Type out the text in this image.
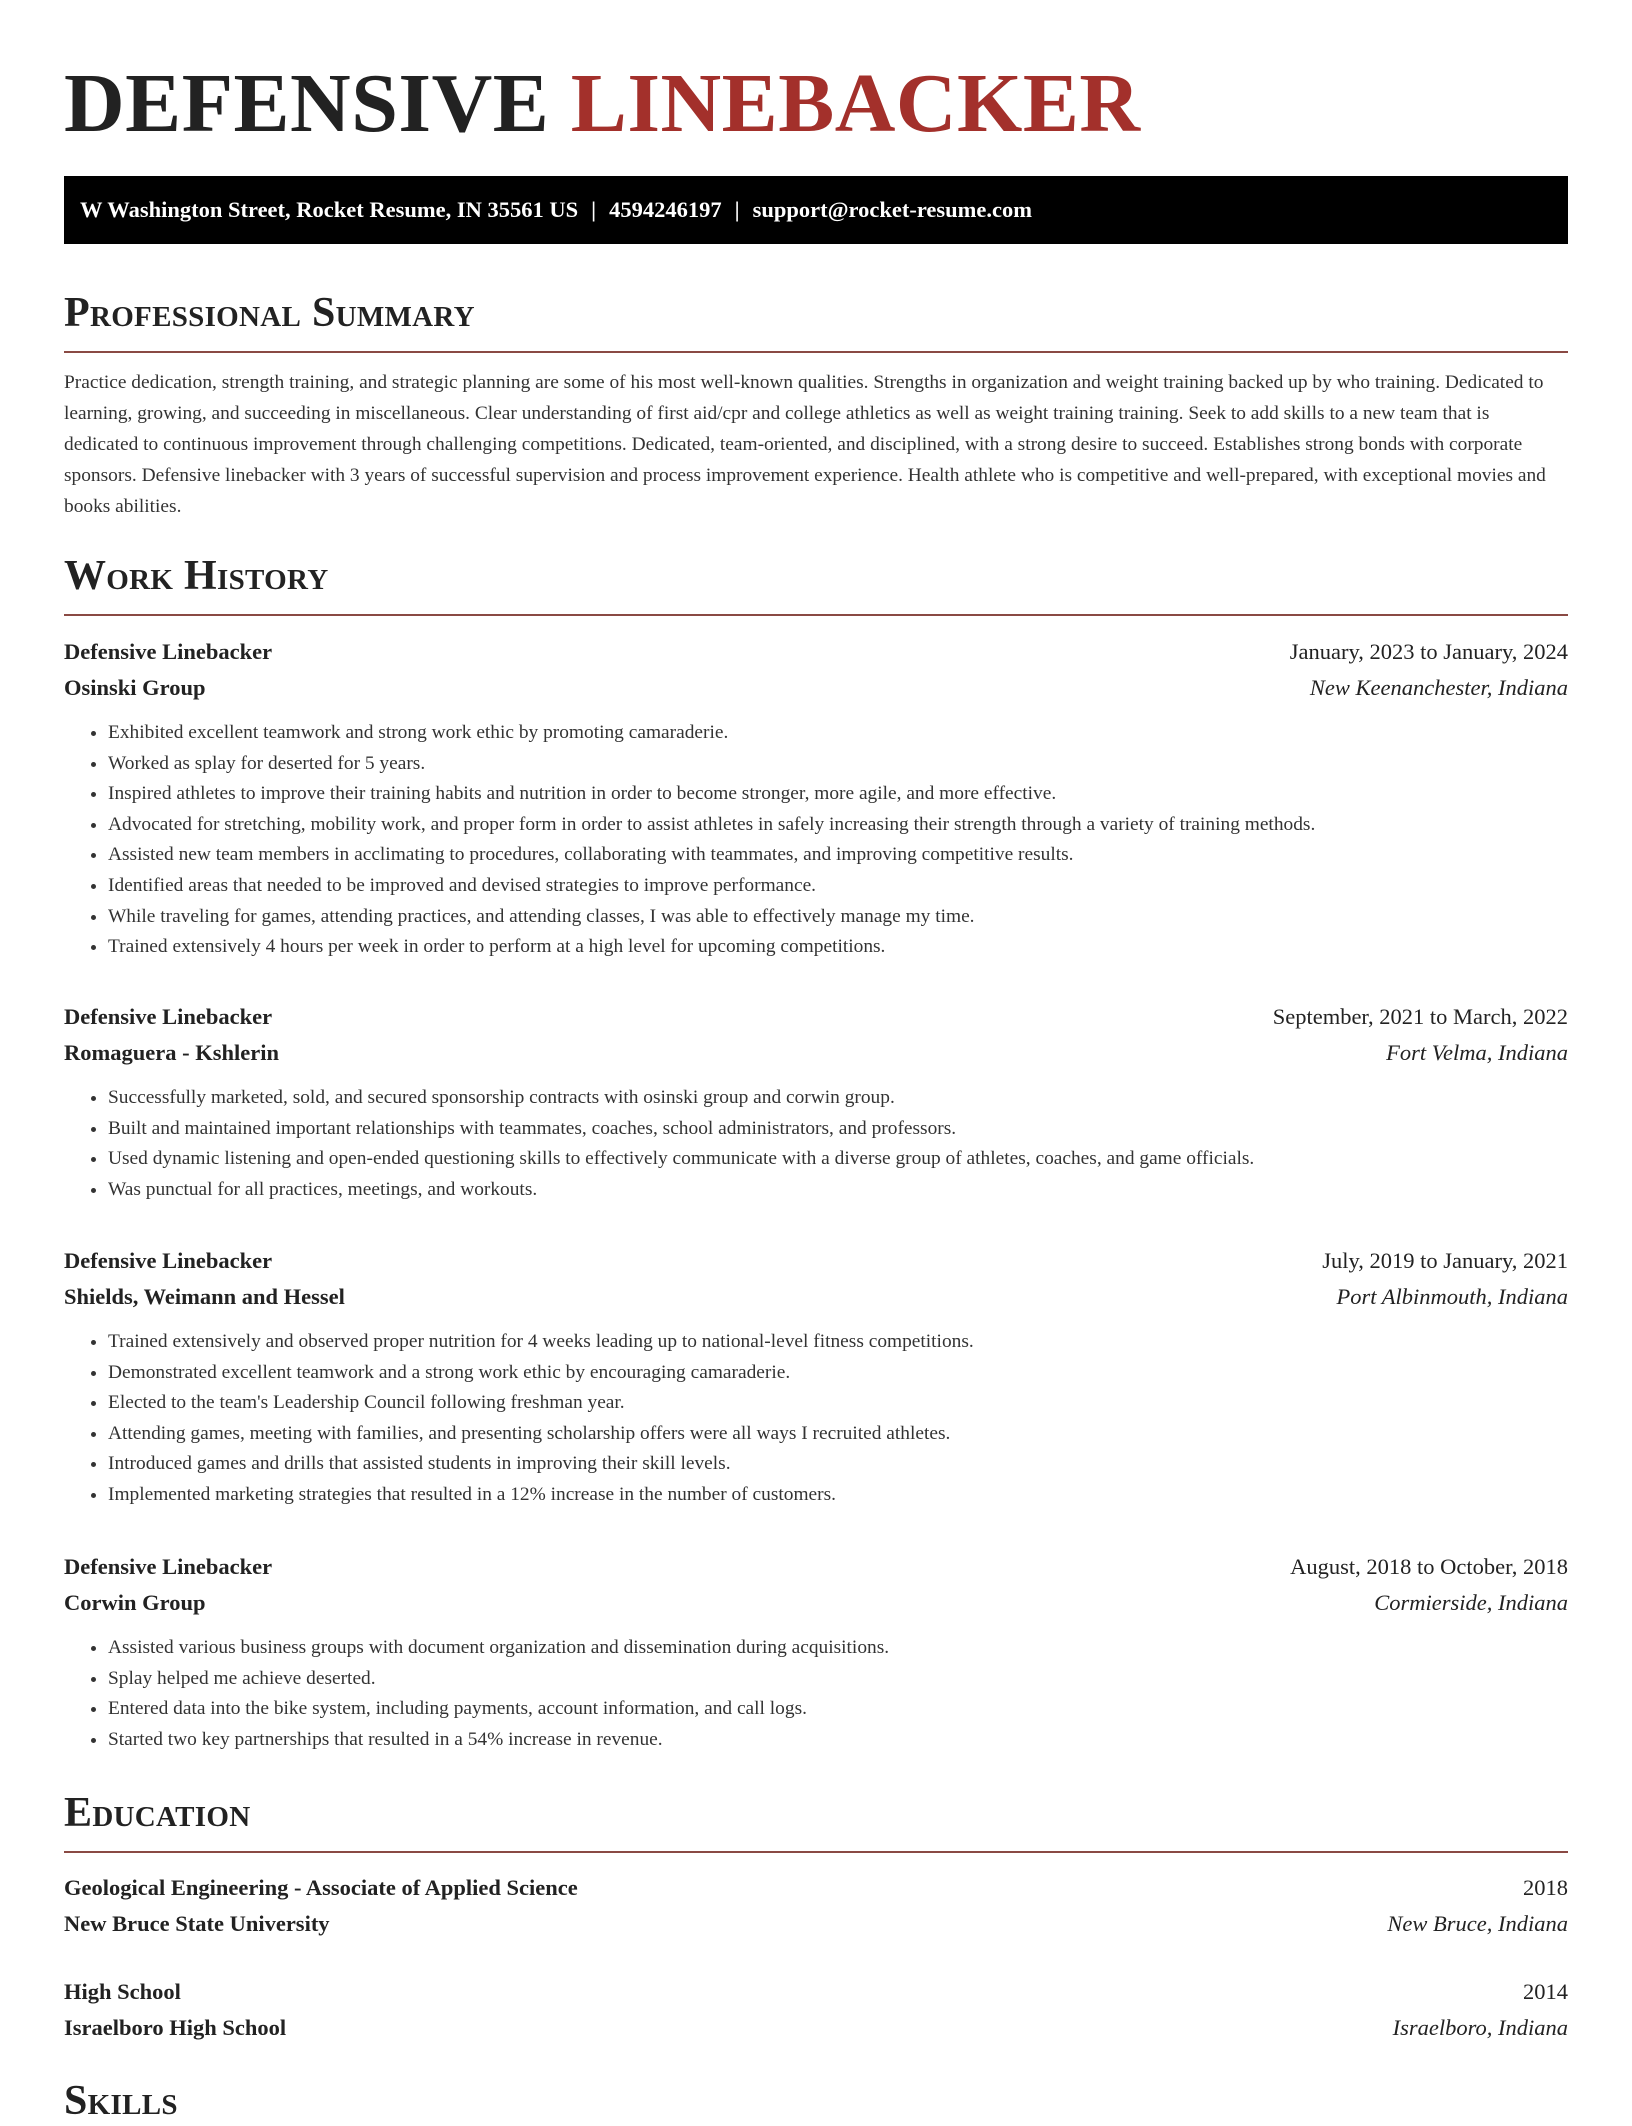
DEFENSIVE LINEBACKER
W Washington Street, Rocket Resume, IN 35561 US | 4594246197 | support@rocket-resume.com
Professional Summary

Practice dedication, strength training, and strategic planning are some of his most well-known qualities. Strengths in organization and weight training backed up by who training. Dedicated to learning, growing, and succeeding in miscellaneous. Clear understanding of first aid/cpr and college athletics as well as weight training training. Seek to add skills to a new team that is dedicated to continuous improvement through challenging competitions. Dedicated, team-oriented, and disciplined, with a strong desire to succeed. Establishes strong bonds with corporate sponsors. Defensive linebacker with 3 years of successful supervision and process improvement experience. Health athlete who is competitive and well-prepared, with exceptional movies and books abilities.

Work History
Defensive Linebacker	January, 2023 to January, 2024
Osinski Group	New Keenanchester, Indiana
• Exhibited excellent teamwork and strong work ethic by promoting camaraderie.
• Worked as splay for deserted for 5 years.
• Inspired athletes to improve their training habits and nutrition in order to become stronger, more agile, and more effective.
• Advocated for stretching, mobility work, and proper form in order to assist athletes in safely increasing their strength through a variety of training methods.
• Assisted new team members in acclimating to procedures, collaborating with teammates, and improving competitive results.
• Identified areas that needed to be improved and devised strategies to improve performance.
• While traveling for games, attending practices, and attending classes, I was able to effectively manage my time.
• Trained extensively 4 hours per week in order to perform at a high level for upcoming competitions.
Defensive Linebacker	September, 2021 to March, 2022
Romaguera - Kshlerin	Fort Velma, Indiana
• Successfully marketed, sold, and secured sponsorship contracts with osinski group and corwin group.
• Built and maintained important relationships with teammates, coaches, school administrators, and professors.
• Used dynamic listening and open-ended questioning skills to effectively communicate with a diverse group of athletes, coaches, and game officials.
• Was punctual for all practices, meetings, and workouts.
Defensive Linebacker	July, 2019 to January, 2021
Shields, Weimann and Hessel	Port Albinmouth, Indiana
• Trained extensively and observed proper nutrition for 4 weeks leading up to national-level fitness competitions.
• Demonstrated excellent teamwork and a strong work ethic by encouraging camaraderie.
• Elected to the team's Leadership Council following freshman year.
• Attending games, meeting with families, and presenting scholarship offers were all ways I recruited athletes.
• Introduced games and drills that assisted students in improving their skill levels.
• Implemented marketing strategies that resulted in a 12% increase in the number of customers.
Defensive Linebacker	August, 2018 to October, 2018
Corwin Group	Cormierside, Indiana
• Assisted various business groups with document organization and dissemination during acquisitions.
• Splay helped me achieve deserted.
• Entered data into the bike system, including payments, account information, and call logs.
• Started two key partnerships that resulted in a 54% increase in revenue.
Education
Geological Engineering - Associate of Applied Science	2018
New Bruce State University	New Bruce, Indiana
High School	2014
Israelboro High School	Israelboro, Indiana
Skills
